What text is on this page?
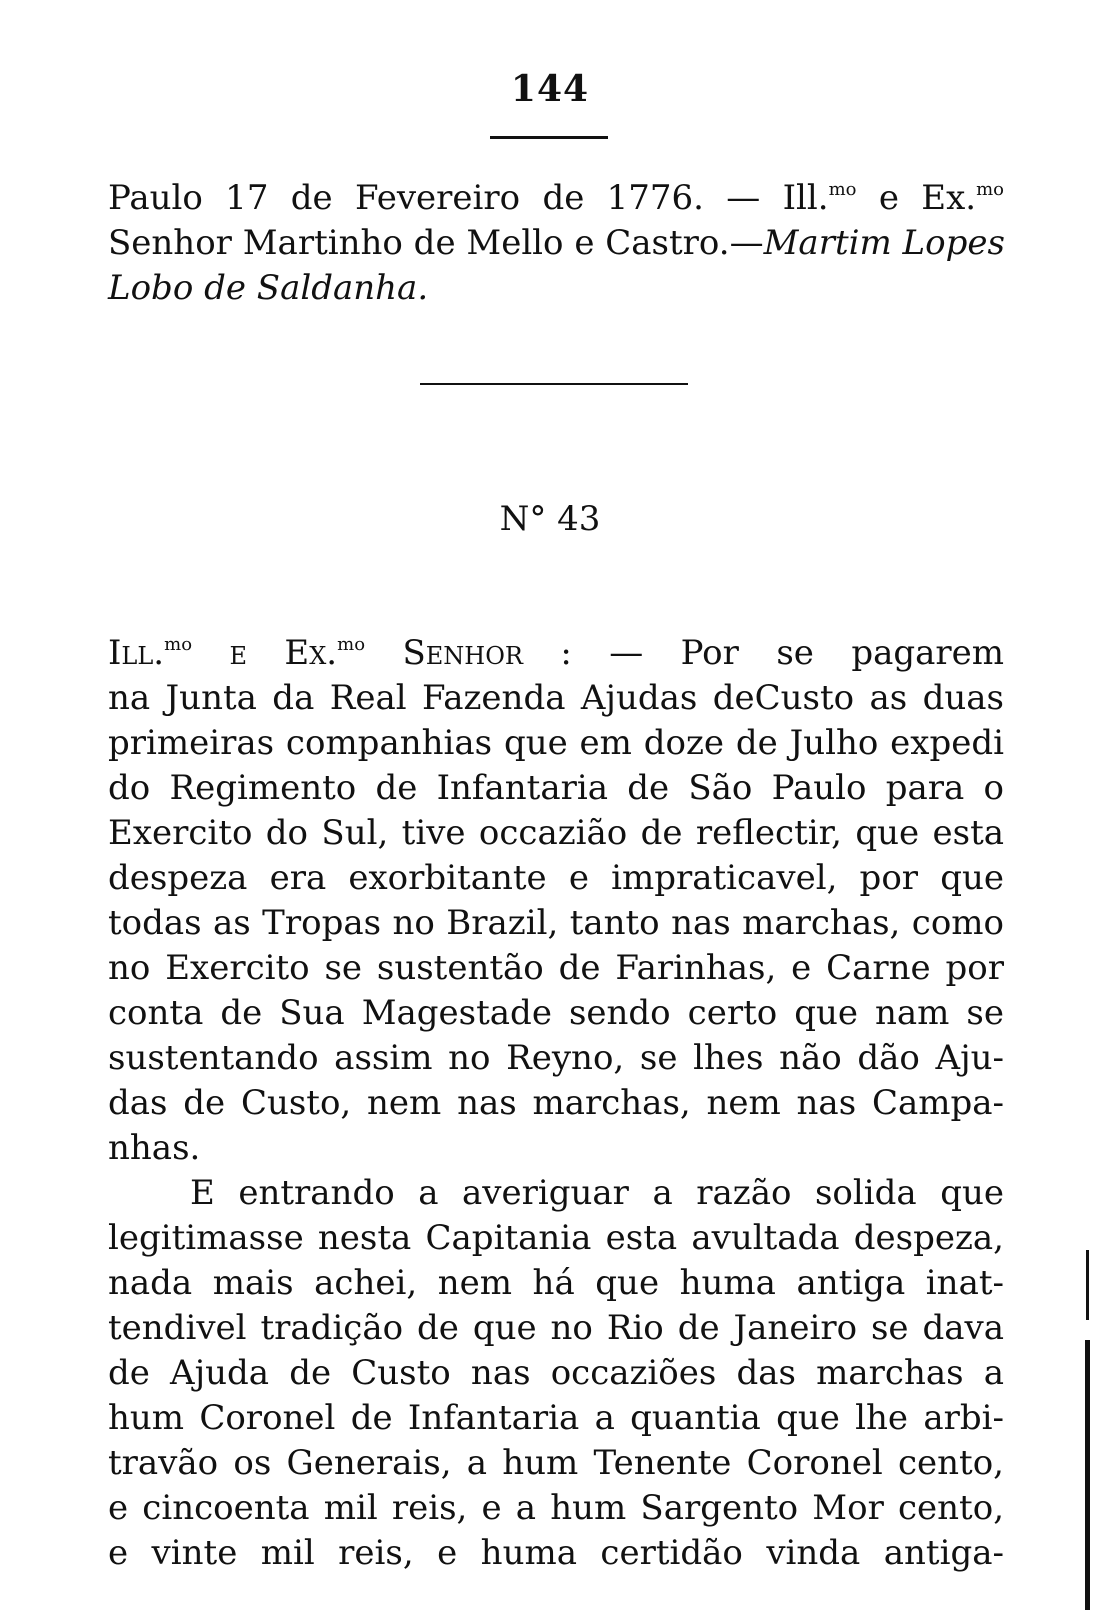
144
Paulo 17 de Fevereiro de 1776. — Ill.$^{mo}$ e Ex.$^{mo}$
Senhor Martinho de Mello e Castro.—Martim Lopes
Lobo de Saldanha.
N° 43
Ill.$^{mo}$ e Ex.$^{mo}$ Senhor : — Por se pagarem
na Junta da Real Fazenda Ajudas deCusto as duas
primeiras companhias que em doze de Julho expedi
do Regimento de Infantaria de São Paulo para o
Exercito do Sul, tive occazião de reflectir, que esta
despeza era exorbitante e impraticavel, por que
todas as Tropas no Brazil, tanto nas marchas, como
no Exercito se sustentão de Farinhas, e Carne por
conta de Sua Magestade sendo certo que nam se
sustentando assim no Reyno, se lhes não dão Aju-
das de Custo, nem nas marchas, nem nas Campa-
nhas.
E entrando a averiguar a razão solida que
legitimasse nesta Capitania esta avultada despeza,
nada mais achei, nem há que huma antiga inat-
tendivel tradição de que no Rio de Janeiro se dava
de Ajuda de Custo nas occaziões das marchas a
hum Coronel de Infantaria a quantia que lhe arbi-
travão os Generais, a hum Tenente Coronel cento,
e cincoenta mil reis, e a hum Sargento Mor cento,
e vinte mil reis, e huma certidão vinda antiga-
